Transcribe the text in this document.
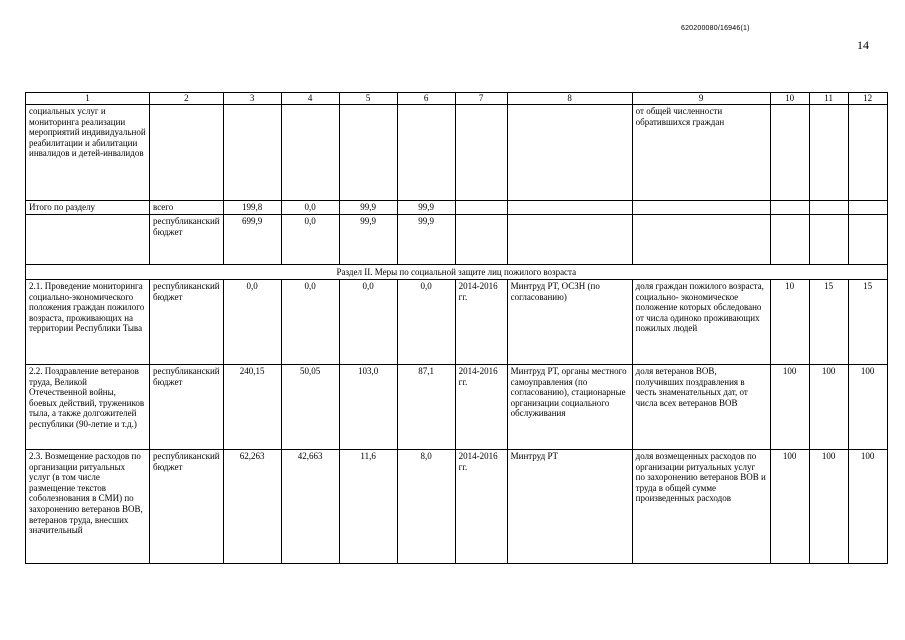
620200080/16946(1)
14
1	2	3	4	5	6	7	8	9	10	11	12
социальных услуг и мониторинга реализации мероприятий индивидуальной реабилитации и абилитации инвалидов и детей-инвалидов								от общей численности обратившихся граждан			
Итого по разделу	всего	199,8	0,0	99,9	99,9						
	республиканский бюджет	699,9	0,0	99,9	99,9						
Раздел II. Меры по социальной защите лиц пожилого возраста											
2.1. Проведение мониторинга социально-экономического положения граждан пожилого возраста, проживающих на территории Республики Тыва	республиканский бюджет	0,0	0,0	0,0	0,0	2014-2016 гг.	Минтруд РТ, ОСЗН (по согласованию)	доля граждан пожилого возраста, социально- экономическое положение которых обследовано от числа одиноко проживающих пожилых людей	10	15	15
2.2. Поздравление ветеранов труда, Великой Отечественной войны, боевых действий, тружеников тыла, а также долгожителей республики (90-летие и т.д.)	республиканский бюджет	240,15	50,05	103,0	87,1	2014-2016 гг.	Минтруд РТ, органы местного самоуправления (по согласованию), стационарные организации социального обслуживания	доля ветеранов ВОВ, получивших поздравления в честь знаменательных дат, от числа всех ветеранов ВОВ	100	100	100
2.3. Возмещение расходов по организации ритуальных услуг (в том числе размещение текстов соболезнования в СМИ) по захоронению ветеранов ВОВ, ветеранов труда, внесших значительный	республиканский бюджет	62,263	42,663	11,6	8,0	2014-2016 гг.	Минтруд РТ	доля возмещенных расходов по организации ритуальных услуг по захоронению ветеранов ВОВ и труда в общей сумме произведенных расходов	100	100	100
